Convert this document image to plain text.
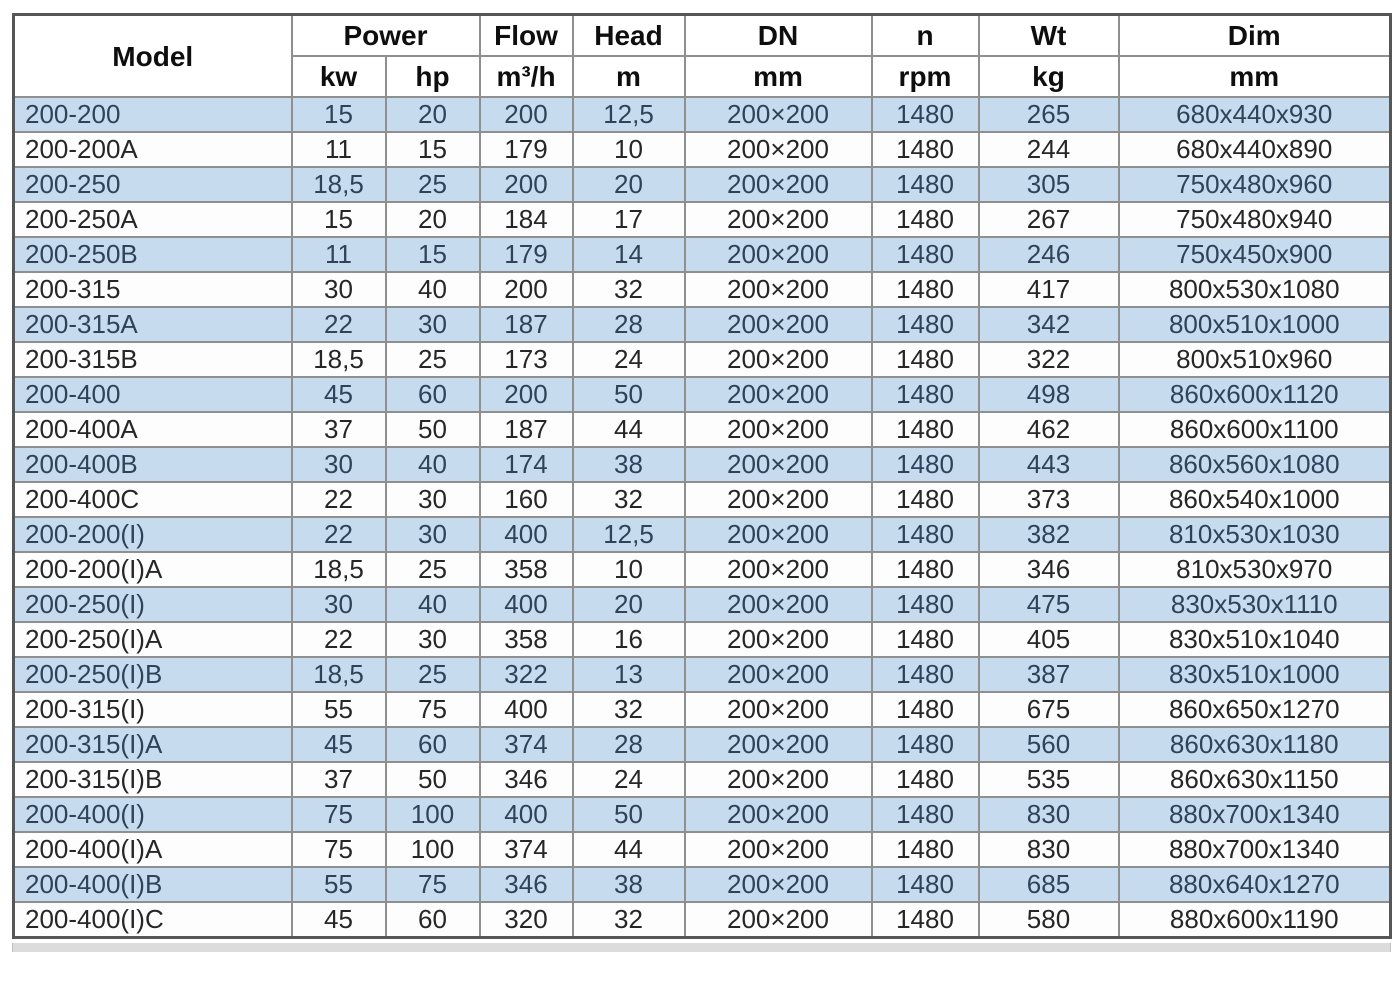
Model	Power		Flow	Head	DN	n	Wt	Dim
	kw	hp	m³/h	m	mm	rpm	kg	mm
200-200	15	20	200	12,5	200×200	1480	265	680x440x930
200-200A	11	15	179	10	200×200	1480	244	680x440x890
200-250	18,5	25	200	20	200×200	1480	305	750x480x960
200-250A	15	20	184	17	200×200	1480	267	750x480x940
200-250B	11	15	179	14	200×200	1480	246	750x450x900
200-315	30	40	200	32	200×200	1480	417	800x530x1080
200-315A	22	30	187	28	200×200	1480	342	800x510x1000
200-315B	18,5	25	173	24	200×200	1480	322	800x510x960
200-400	45	60	200	50	200×200	1480	498	860x600x1120
200-400A	37	50	187	44	200×200	1480	462	860x600x1100
200-400B	30	40	174	38	200×200	1480	443	860x560x1080
200-400C	22	30	160	32	200×200	1480	373	860x540x1000
200-200(I)	22	30	400	12,5	200×200	1480	382	810x530x1030
200-200(I)A	18,5	25	358	10	200×200	1480	346	810x530x970
200-250(I)	30	40	400	20	200×200	1480	475	830x530x1110
200-250(I)A	22	30	358	16	200×200	1480	405	830x510x1040
200-250(I)B	18,5	25	322	13	200×200	1480	387	830x510x1000
200-315(I)	55	75	400	32	200×200	1480	675	860x650x1270
200-315(I)A	45	60	374	28	200×200	1480	560	860x630x1180
200-315(I)B	37	50	346	24	200×200	1480	535	860x630x1150
200-400(I)	75	100	400	50	200×200	1480	830	880x700x1340
200-400(I)A	75	100	374	44	200×200	1480	830	880x700x1340
200-400(I)B	55	75	346	38	200×200	1480	685	880x640x1270
200-400(I)C	45	60	320	32	200×200	1480	580	880x600x1190
